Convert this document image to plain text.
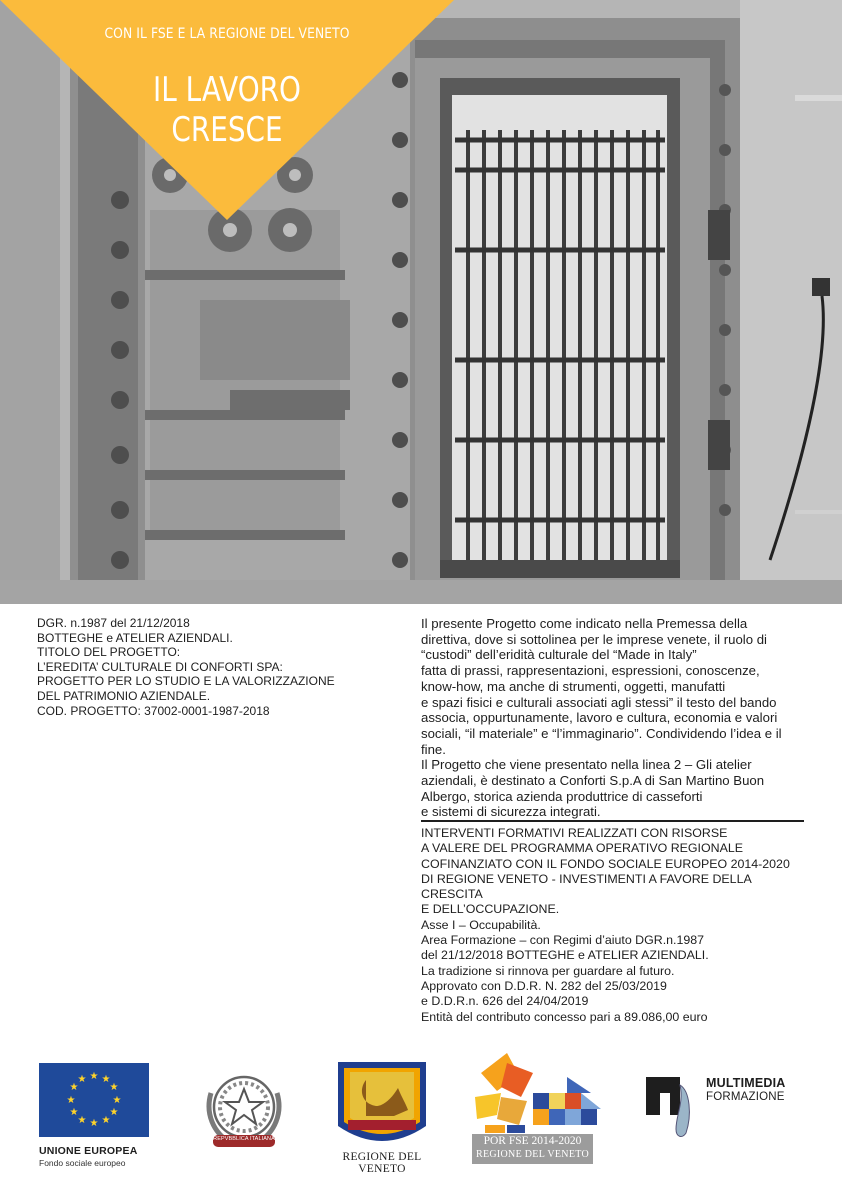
CON IL FSE E LA REGIONE DEL VENETO
IL LAVORO
CRESCE
DGR. n.1987 del 21/12/2018
BOTTEGHE e ATELIER AZIENDALI.
TITOLO DEL PROGETTO:
L’EREDITA’ CULTURALE DI CONFORTI SPA:
PROGETTO PER LO STUDIO E LA VALORIZZAZIONE
DEL PATRIMONIO AZIENDALE.
COD. PROGETTO: 37002-0001-1987-2018
Il presente Progetto come indicato nella Premessa della
direttiva, dove si sottolinea per le imprese venete, il ruolo di
“custodi” dell’eridità culturale del “Made in Italy”
fatta di prassi, rappresentazioni, espressioni, conoscenze,
know-how, ma anche di strumenti, oggetti, manufatti
e spazi fisici e culturali associati agli stessi” il testo del bando
associa, oppurtunamente, lavoro e cultura, economia e valori
sociali, “il materiale” e “l’immaginario”. Condividendo l’idea e il
fine.
Il Progetto che viene presentato nella linea 2 – Gli atelier
aziendali, è destinato a Conforti S.p.A di San Martino Buon
Albergo, storica azienda produttrice di casseforti
e sistemi di sicurezza integrati.
INTERVENTI FORMATIVI REALIZZATI CON RISORSE
A VALERE DEL PROGRAMMA OPERATIVO REGIONALE
COFINANZIATO CON IL FONDO SOCIALE EUROPEO 2014-2020
DI REGIONE VENETO - INVESTIMENTI A FAVORE DELLA
CRESCITA
E DELL’OCCUPAZIONE.
Asse I – Occupabilità.
Area Formazione – con Regimi d’aiuto DGR.n.1987
del 21/12/2018 BOTTEGHE e ATELIER AZIENDALI.
La tradizione si rinnova per guardare al futuro.
Approvato con D.D.R. N. 282 del 25/03/2019
e D.D.R.n. 626 del 24/04/2019
Entità del contributo concesso pari a 89.086,00 euro
★ ★
★
★
★
★
★
★
★
★
★
★
UNIONE EUROPEA
Fondo sociale europeo
REPVBBLICA ITALIANA
REGIONE DEL VENETO
POR FSE 2014-2020
REGIONE DEL VENETO
MULTIMEDIA
FORMAZIONE
